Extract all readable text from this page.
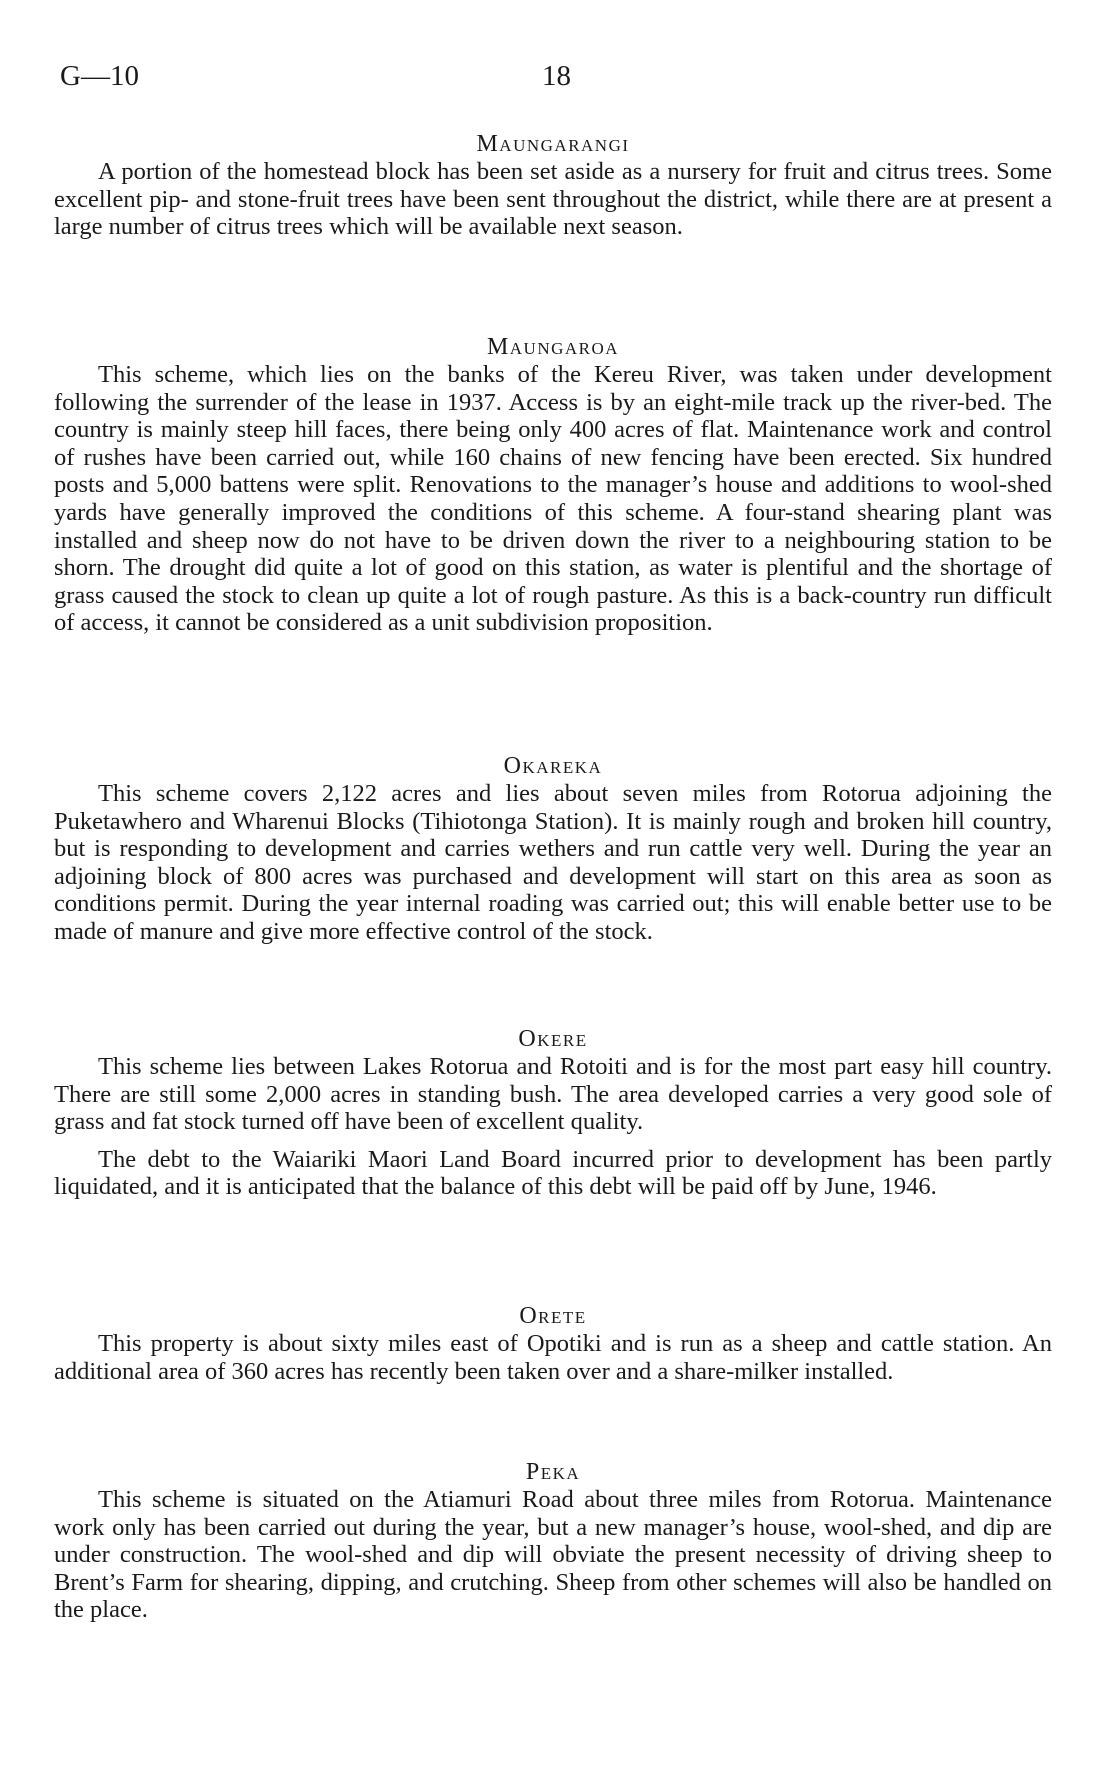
G—10	18
Maungarangi

A portion of the homestead block has been set aside as a nursery for fruit and citrus trees. Some excellent pip- and stone-fruit trees have been sent throughout the district, while there are at present a large number of citrus trees which will be available next season.

Maungaroa

This scheme, which lies on the banks of the Kereu River, was taken under development following the surrender of the lease in 1937. Access is by an eight-mile track up the river-bed. The country is mainly steep hill faces, there being only 400 acres of flat. Maintenance work and control of rushes have been carried out, while 160 chains of new fencing have been erected. Six hundred posts and 5,000 battens were split. Renovations to the manager’s house and additions to wool-shed yards have generally improved the conditions of this scheme. A four-stand shearing plant was installed and sheep now do not have to be driven down the river to a neighbouring station to be shorn. The drought did quite a lot of good on this station, as water is plentiful and the shortage of grass caused the stock to clean up quite a lot of rough pasture. As this is a back-country run difficult of access, it cannot be considered as a unit subdivision proposition.

Okareka

This scheme covers 2,122 acres and lies about seven miles from Rotorua adjoining the Puketawhero and Wharenui Blocks (Tihiotonga Station). It is mainly rough and broken hill country, but is responding to development and carries wethers and run cattle very well. During the year an adjoining block of 800 acres was purchased and development will start on this area as soon as conditions permit. During the year internal roading was carried out; this will enable better use to be made of manure and give more effective control of the stock.

Okere

This scheme lies between Lakes Rotorua and Rotoiti and is for the most part easy hill country. There are still some 2,000 acres in standing bush. The area developed carries a very good sole of grass and fat stock turned off have been of excellent quality.

The debt to the Waiariki Maori Land Board incurred prior to development has been partly liquidated, and it is anticipated that the balance of this debt will be paid off by June, 1946.

Orete

This property is about sixty miles east of Opotiki and is run as a sheep and cattle station. An additional area of 360 acres has recently been taken over and a share-milker installed.

Peka

This scheme is situated on the Atiamuri Road about three miles from Rotorua. Maintenance work only has been carried out during the year, but a new manager’s house, wool-shed, and dip are under construction. The wool-shed and dip will obviate the present necessity of driving sheep to Brent’s Farm for shearing, dipping, and crutching. Sheep from other schemes will also be handled on the place.
